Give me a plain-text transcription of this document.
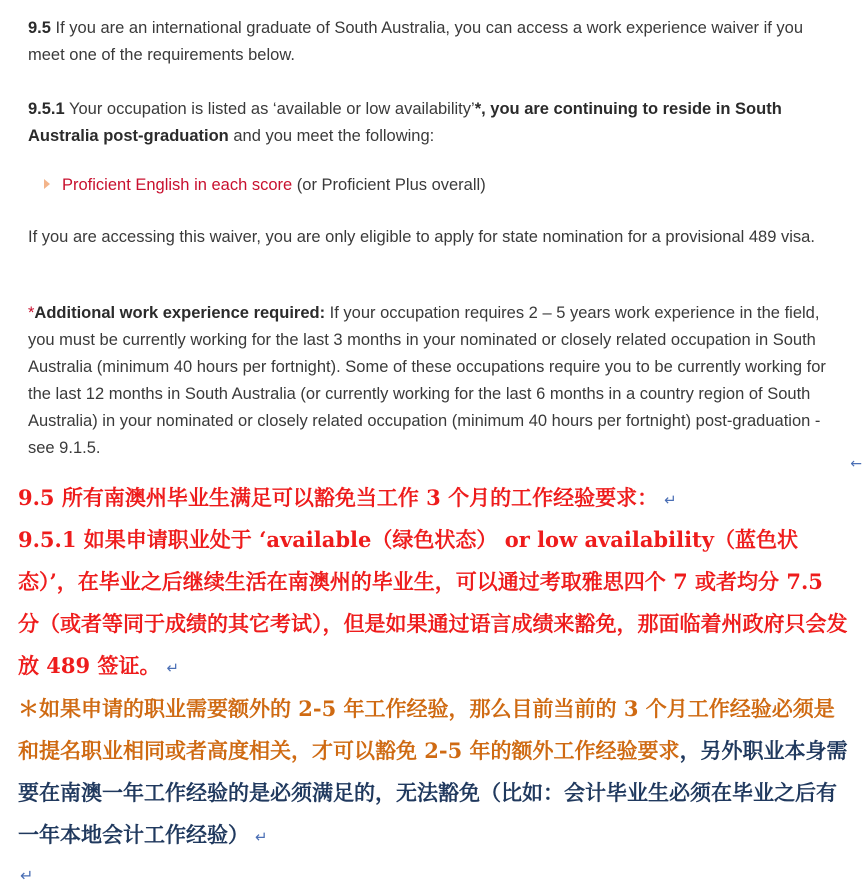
9.5 If you are an international graduate of South Australia, you can access a work experience waiver if you meet one of the requirements below.
9.5.1 Your occupation is listed as ‘available or low availability’*, you are continuing to reside in South Australia post-graduation and you meet the following:
Proficient English in each score (or Proficient Plus overall)
If you are accessing this waiver, you are only eligible to apply for state nomination for a provisional 489 visa.
*Additional work experience required: If your occupation requires 2 – 5 years work experience in the field, you must be currently working for the last 3 months in your nominated or closely related occupation in South Australia (minimum 40 hours per fortnight). Some of these occupations require you to be currently working for the last 12 months in South Australia (or currently working for the last 6 months in a country region of South Australia) in your nominated or closely related occupation (minimum 40 hours per fortnight) post-graduation - see 9.1.5.
←
9.5 所有南澳州毕业生满足可以豁免当工作 3 个月的工作经验要求： ↵
9.5.1 如果申请职业处于 ‘available（绿色状态） or low availability（蓝色状态）’，在毕业之后继续生活在南澳州的毕业生，可以通过考取雅思四个 7 或者均分 7.5 分（或者等同于成绩的其它考试），但是如果通过语言成绩来豁免，那面临着州政府只会发放 489 签证。 ↵
＊如果申请的职业需要额外的 2-5 年工作经验，那么目前当前的 3 个月工作经验必须是和提名职业相同或者高度相关，才可以豁免 2-5 年的额外工作经验要求，另外职业本身需要在南澳一年工作经验的是必须满足的，无法豁免（比如：会计毕业生必须在毕业之后有一年本地会计工作经验） ↵
↵
